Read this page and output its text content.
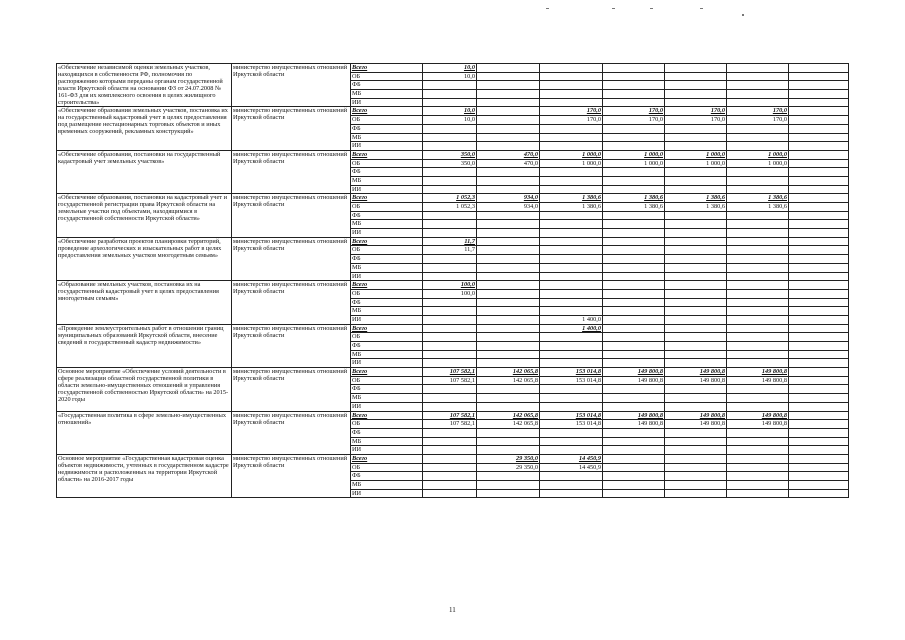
«Обеспечение независимой оценки земельных участков, находящихся в собственности РФ, полномочия по распоряжению которыми переданы органам государственной власти Иркутской области на основании ФЗ от 24.07.2008 № 161-ФЗ для их комплексного освоения в целях жилищного строительства»	министерство имущественных отношений Иркутской области	Всего	10,0						
		ОБ	10,0						
		ФБ							
		МБ							
		ИИ							
«Обеспечение образования земельных участков, постановка их на государственный кадастровый учет в целях предоставления под размещение нестационарных торговых объектов и иных временных сооружений, рекламных конструкций»	министерство имущественных отношений Иркутской области	Всего	10,0		170,0	170,0	170,0	170,0	
		ОБ	10,0		170,0	170,0	170,0	170,0	
		ФБ							
		МБ							
		ИИ							
«Обеспечение образования, постановки на государственный кадастровый учет земельных участков»	министерство имущественных отношений Иркутской области	Всего	350,0	470,0	1 000,0	1 000,0	1 000,0	1 000,0	
		ОБ	350,0	470,0	1 000,0	1 000,0	1 000,0	1 000,0	
		ФБ							
		МБ							
		ИИ							
«Обеспечение образования, постановки на кадастровый учет и государственной регистрации права Иркутской области на земельные участки под объектами, находящимися в государственной собственности Иркутской области»	министерство имущественных отношений Иркутской области	Всего	1 052,3	934,0	1 380,6	1 380,6	1 380,6	1 380,6	
		ОБ	1 052,3	934,0	1 380,6	1 380,6	1 380,6	1 380,6	
		ФБ							
		МБ							
		ИИ							
«Обеспечение разработки проектов планировки территорий, проведение археологических и изыскательных работ в целях предоставления земельных участков многодетным семьям»	министерство имущественных отношений Иркутской области	Всего	11,7						
		ОБ	11,7						
		ФБ							
		МБ							
		ИИ							
«Образование земельных участков, постановка их на государственный кадастровый учет в целях предоставления многодетным семьям»	министерство имущественных отношений Иркутской области	Всего	100,0						
		ОБ	100,0						
		ФБ							
		МБ							
		ИИ			1 400,0				
«Проведение землеустроительных работ в отношении границ муниципальных образований Иркутской области, внесение сведений в государственный кадастр недвижимости»	министерство имущественных отношений Иркутской области	Всего			1 400,0				
		ОБ							
		ФБ							
		МБ							
		ИИ							
Основное мероприятие «Обеспечение условий деятельности в сфере реализации областной государственной политики в области земельно-имущественных отношений и управления государственной собственностью Иркутской области» на 2015-2020 годы	министерство имущественных отношений Иркутской области	Всего	107 582,1	142 065,8	153 014,8	149 800,8	149 800,8	149 800,8	
		ОБ	107 582,1	142 065,8	153 014,8	149 800,8	149 800,8	149 800,8	
		ФБ							
		МБ							
		ИИ							
«Государственная политика в сфере земельно-имущественных отношений»	министерство имущественных отношений Иркутской области	Всего	107 582,1	142 065,8	153 014,8	149 800,8	149 800,8	149 800,8	
		ОБ	107 582,1	142 065,8	153 014,8	149 800,8	149 800,8	149 800,8	
		ФБ							
		МБ							
		ИИ							
Основное мероприятие «Государственная кадастровая оценка объектов недвижимости, учтенных в государственном кадастре недвижимости и расположенных на территории Иркутской области» на 2016-2017 годы	министерство имущественных отношений Иркутской области	Всего		29 350,0	14 450,9				
		ОБ		29 350,0	14 450,9				
		ФБ							
		МБ							
		ИИ							
11
